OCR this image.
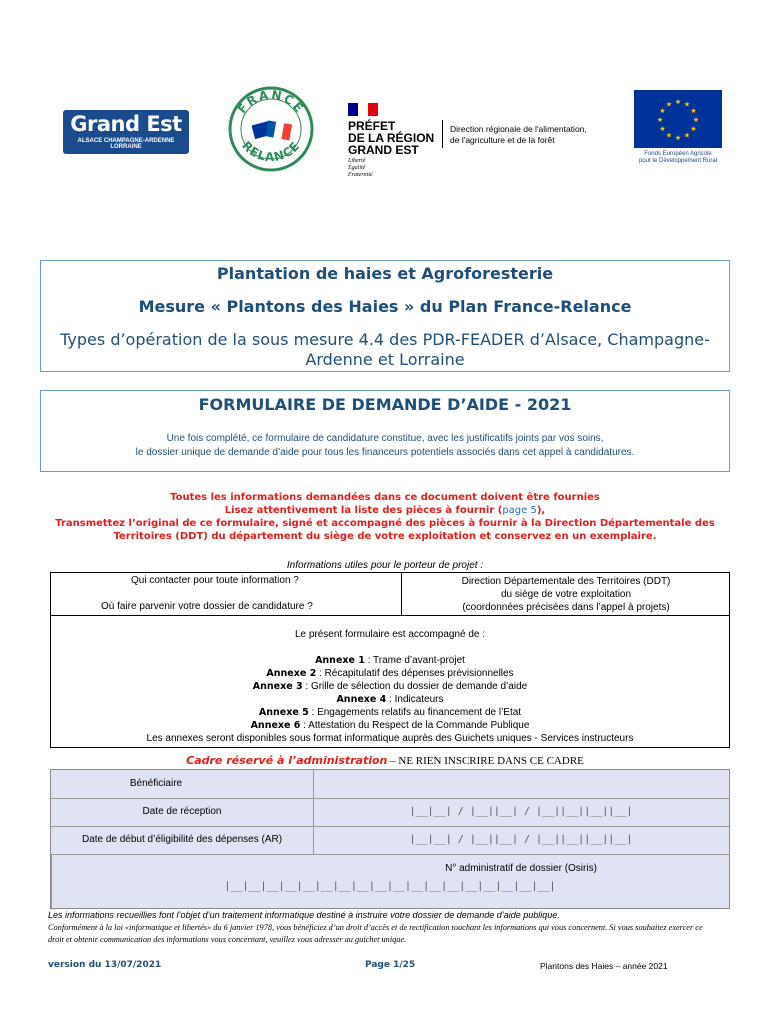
Grand Est
ALSACE CHAMPAGNE-ARDENNE LORRAINE
FRANCE
RELANCE
PRÉFET
DE LA RÉGION
GRAND EST
Liberté
Égalité
Fraternité
Direction régionale de l'alimentation,
de l'agriculture et de la forêt
★ ★
★
★
★
★
★
★
★
★
★
★
Fonds Européen Agricole
pour le Développement Rural
Plantation de haies et Agroforesterie
Mesure « Plantons des Haies » du Plan France-Relance
Types d’opération de la sous mesure 4.4 des PDR-FEADER d’Alsace, Champagne-Ardenne et Lorraine
FORMULAIRE DE DEMANDE D’AIDE - 2021
Une fois complété, ce formulaire de candidature constitue, avec les justificatifs joints par vos soins,
le dossier unique de demande d’aide pour tous les financeurs potentiels associés dans cet appel à candidatures.
Toutes les informations demandées dans ce document doivent être fournies
Lisez attentivement la liste des pièces à fournir (page 5),
Transmettez l’original de ce formulaire, signé et accompagné des pièces à fournir à la Direction Départementale des
Territoires (DDT) du département du siège de votre exploitation et conservez en un exemplaire.
Informations utiles pour le porteur de projet :
Qui contacter pour toute information ?
Où faire parvenir votre dossier de candidature ?
Direction Départementale des Territoires (DDT)
du siège de votre exploitation
(coordonnées précisées dans l’appel à projets)
Le présent formulaire est accompagné de :
Annexe 1 : Trame d’avant-projet
Annexe 2 : Récapitulatif des dépenses prévisionnelles
Annexe 3 : Grille de sélection du dossier de demande d’aide
Annexe 4 : Indicateurs
Annexe 5 : Engagements relatifs au financement de l’Etat
Annexe 6 : Attestation du Respect de la Commande Publique
Les annexes seront disponibles sous format informatique auprès des Guichets uniques - Services instructeurs
Cadre réservé à l’administration – NE RIEN INSCRIRE DANS CE CADRE
Bénéficiaire
Date de réception
Date de début d’éligibilité des dépenses (AR)
|__|__| / |__||__| / |__||__||__||__|
|__|__| / |__||__| / |__||__||__||__|
N° administratif de dossier (Osiris)
|__|__|__|__|__|__|__|__|__|__|__|__|__|__|__|__|__|__|
Les informations recueillies font l’objet d’un traitement informatique destiné à instruire votre dossier de demande d’aide publique.
Conformément à la loi «informatique et libertés» du 6 janvier 1978, vous bénéficiez d’un droit d’accès et de rectification touchant les informations qui vous concernent. Si vous souhaitez exercer ce droit et obtenir communication des informations vous concernant, veuillez vous adresser au guichet unique.
version du 13/07/2021	Page 1/25	Plantons des Haies – année 2021
